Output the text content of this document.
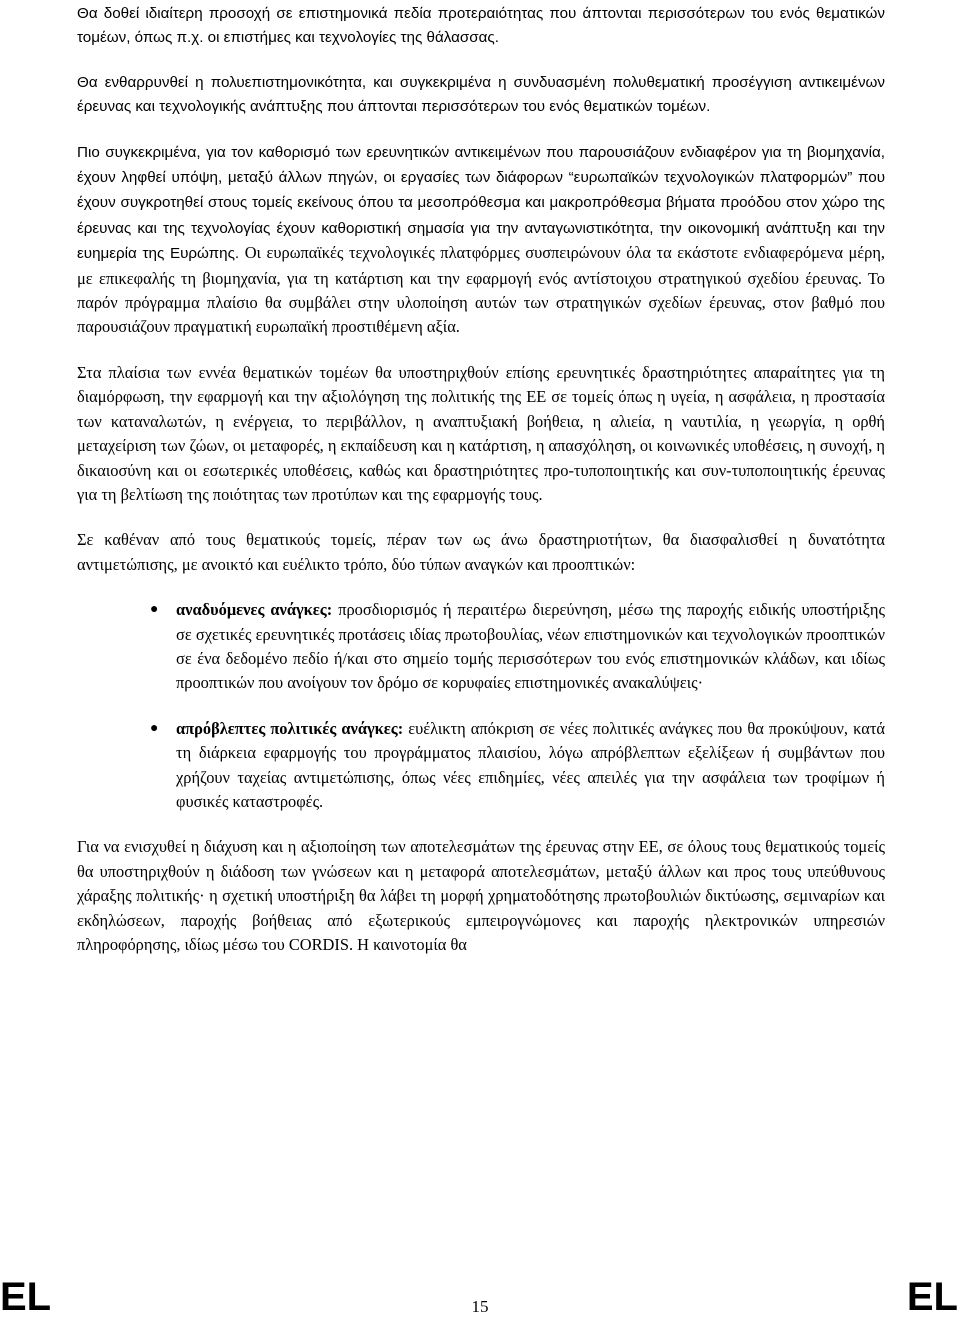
Θα δοθεί ιδιαίτερη προσοχή σε επιστημονικά πεδία προτεραιότητας που άπτονται περισσότερων του ενός θεματικών τομέων, όπως π.χ. οι επιστήμες και τεχνολογίες της θάλασσας.

Θα ενθαρρυνθεί η πολυεπιστημονικότητα, και συγκεκριμένα η συνδυασμένη πολυθεματική προσέγγιση αντικειμένων έρευνας και τεχνολογικής ανάπτυξης που άπτονται περισσότερων του ενός θεματικών τομέων.

Πιο συγκεκριμένα, για τον καθορισμό των ερευνητικών αντικειμένων που παρουσιάζουν ενδιαφέρον για τη βιομηχανία, έχουν ληφθεί υπόψη, μεταξύ άλλων πηγών, οι εργασίες των διάφορων “ευρωπαϊκών τεχνολογικών πλατφορμών” που έχουν συγκροτηθεί στους τομείς εκείνους όπου τα μεσοπρόθεσμα και μακροπρόθεσμα βήματα προόδου στον χώρο της έρευνας και της τεχνολογίας έχουν καθοριστική σημασία για την ανταγωνιστικότητα, την οικονομική ανάπτυξη και την ευημερία της Ευρώπης. Οι ευρωπαϊκές τεχνολογικές πλατφόρμες συσπειρώνουν όλα τα εκάστοτε ενδιαφερόμενα μέρη, με επικεφαλής τη βιομηχανία, για τη κατάρτιση και την εφαρμογή ενός αντίστοιχου στρατηγικού σχεδίου έρευνας. Το παρόν πρόγραμμα πλαίσιο θα συμβάλει στην υλοποίηση αυτών των στρατηγικών σχεδίων έρευνας, στον βαθμό που παρουσιάζουν πραγματική ευρωπαϊκή προστιθέμενη αξία.

Στα πλαίσια των εννέα θεματικών τομέων θα υποστηριχθούν επίσης ερευνητικές δραστηριότητες απαραίτητες για τη διαμόρφωση, την εφαρμογή και την αξιολόγηση της πολιτικής της ΕΕ σε τομείς όπως η υγεία, η ασφάλεια, η προστασία των καταναλωτών, η ενέργεια, το περιβάλλον, η αναπτυξιακή βοήθεια, η αλιεία, η ναυτιλία, η γεωργία, η ορθή μεταχείριση των ζώων, οι μεταφορές, η εκπαίδευση και η κατάρτιση, η απασχόληση, οι κοινωνικές υποθέσεις, η συνοχή, η δικαιοσύνη και οι εσωτερικές υποθέσεις, καθώς και δραστηριότητες προ-τυποποιητικής και συν-τυποποιητικής έρευνας για τη βελτίωση της ποιότητας των προτύπων και της εφαρμογής τους.

Σε καθέναν από τους θεματικούς τομείς, πέραν των ως άνω δραστηριοτήτων, θα διασφαλισθεί η δυνατότητα αντιμετώπισης, με ανοικτό και ευέλικτο τρόπο, δύο τύπων αναγκών και προοπτικών:

● αναδυόμενες ανάγκες: προσδιορισμός ή περαιτέρω διερεύνηση, μέσω της παροχής ειδικής υποστήριξης σε σχετικές ερευνητικές προτάσεις ιδίας πρωτοβουλίας, νέων επιστημονικών και τεχνολογικών προοπτικών σε ένα δεδομένο πεδίο ή/και στο σημείο τομής περισσότερων του ενός επιστημονικών κλάδων, και ιδίως προοπτικών που ανοίγουν τον δρόμο σε κορυφαίες επιστημονικές ανακαλύψεις·
● απρόβλεπτες πολιτικές ανάγκες: ευέλικτη απόκριση σε νέες πολιτικές ανάγκες που θα προκύψουν, κατά τη διάρκεια εφαρμογής του προγράμματος πλαισίου, λόγω απρόβλεπτων εξελίξεων ή συμβάντων που χρήζουν ταχείας αντιμετώπισης, όπως νέες επιδημίες, νέες απειλές για την ασφάλεια των τροφίμων ή φυσικές καταστροφές.

Για να ενισχυθεί η διάχυση και η αξιοποίηση των αποτελεσμάτων της έρευνας στην ΕΕ, σε όλους τους θεματικούς τομείς θα υποστηριχθούν η διάδοση των γνώσεων και η μεταφορά αποτελεσμάτων, μεταξύ άλλων και προς τους υπεύθυνους χάραξης πολιτικής· η σχετική υποστήριξη θα λάβει τη μορφή χρηματοδότησης πρωτοβουλιών δικτύωσης, σεμιναρίων και εκδηλώσεων, παροχής βοήθειας από εξωτερικούς εμπειρογνώμονες και παροχής ηλεκτρονικών υπηρεσιών πληροφόρησης, ιδίως μέσω του CORDIS. Η καινοτομία θα

EL	15	EL
